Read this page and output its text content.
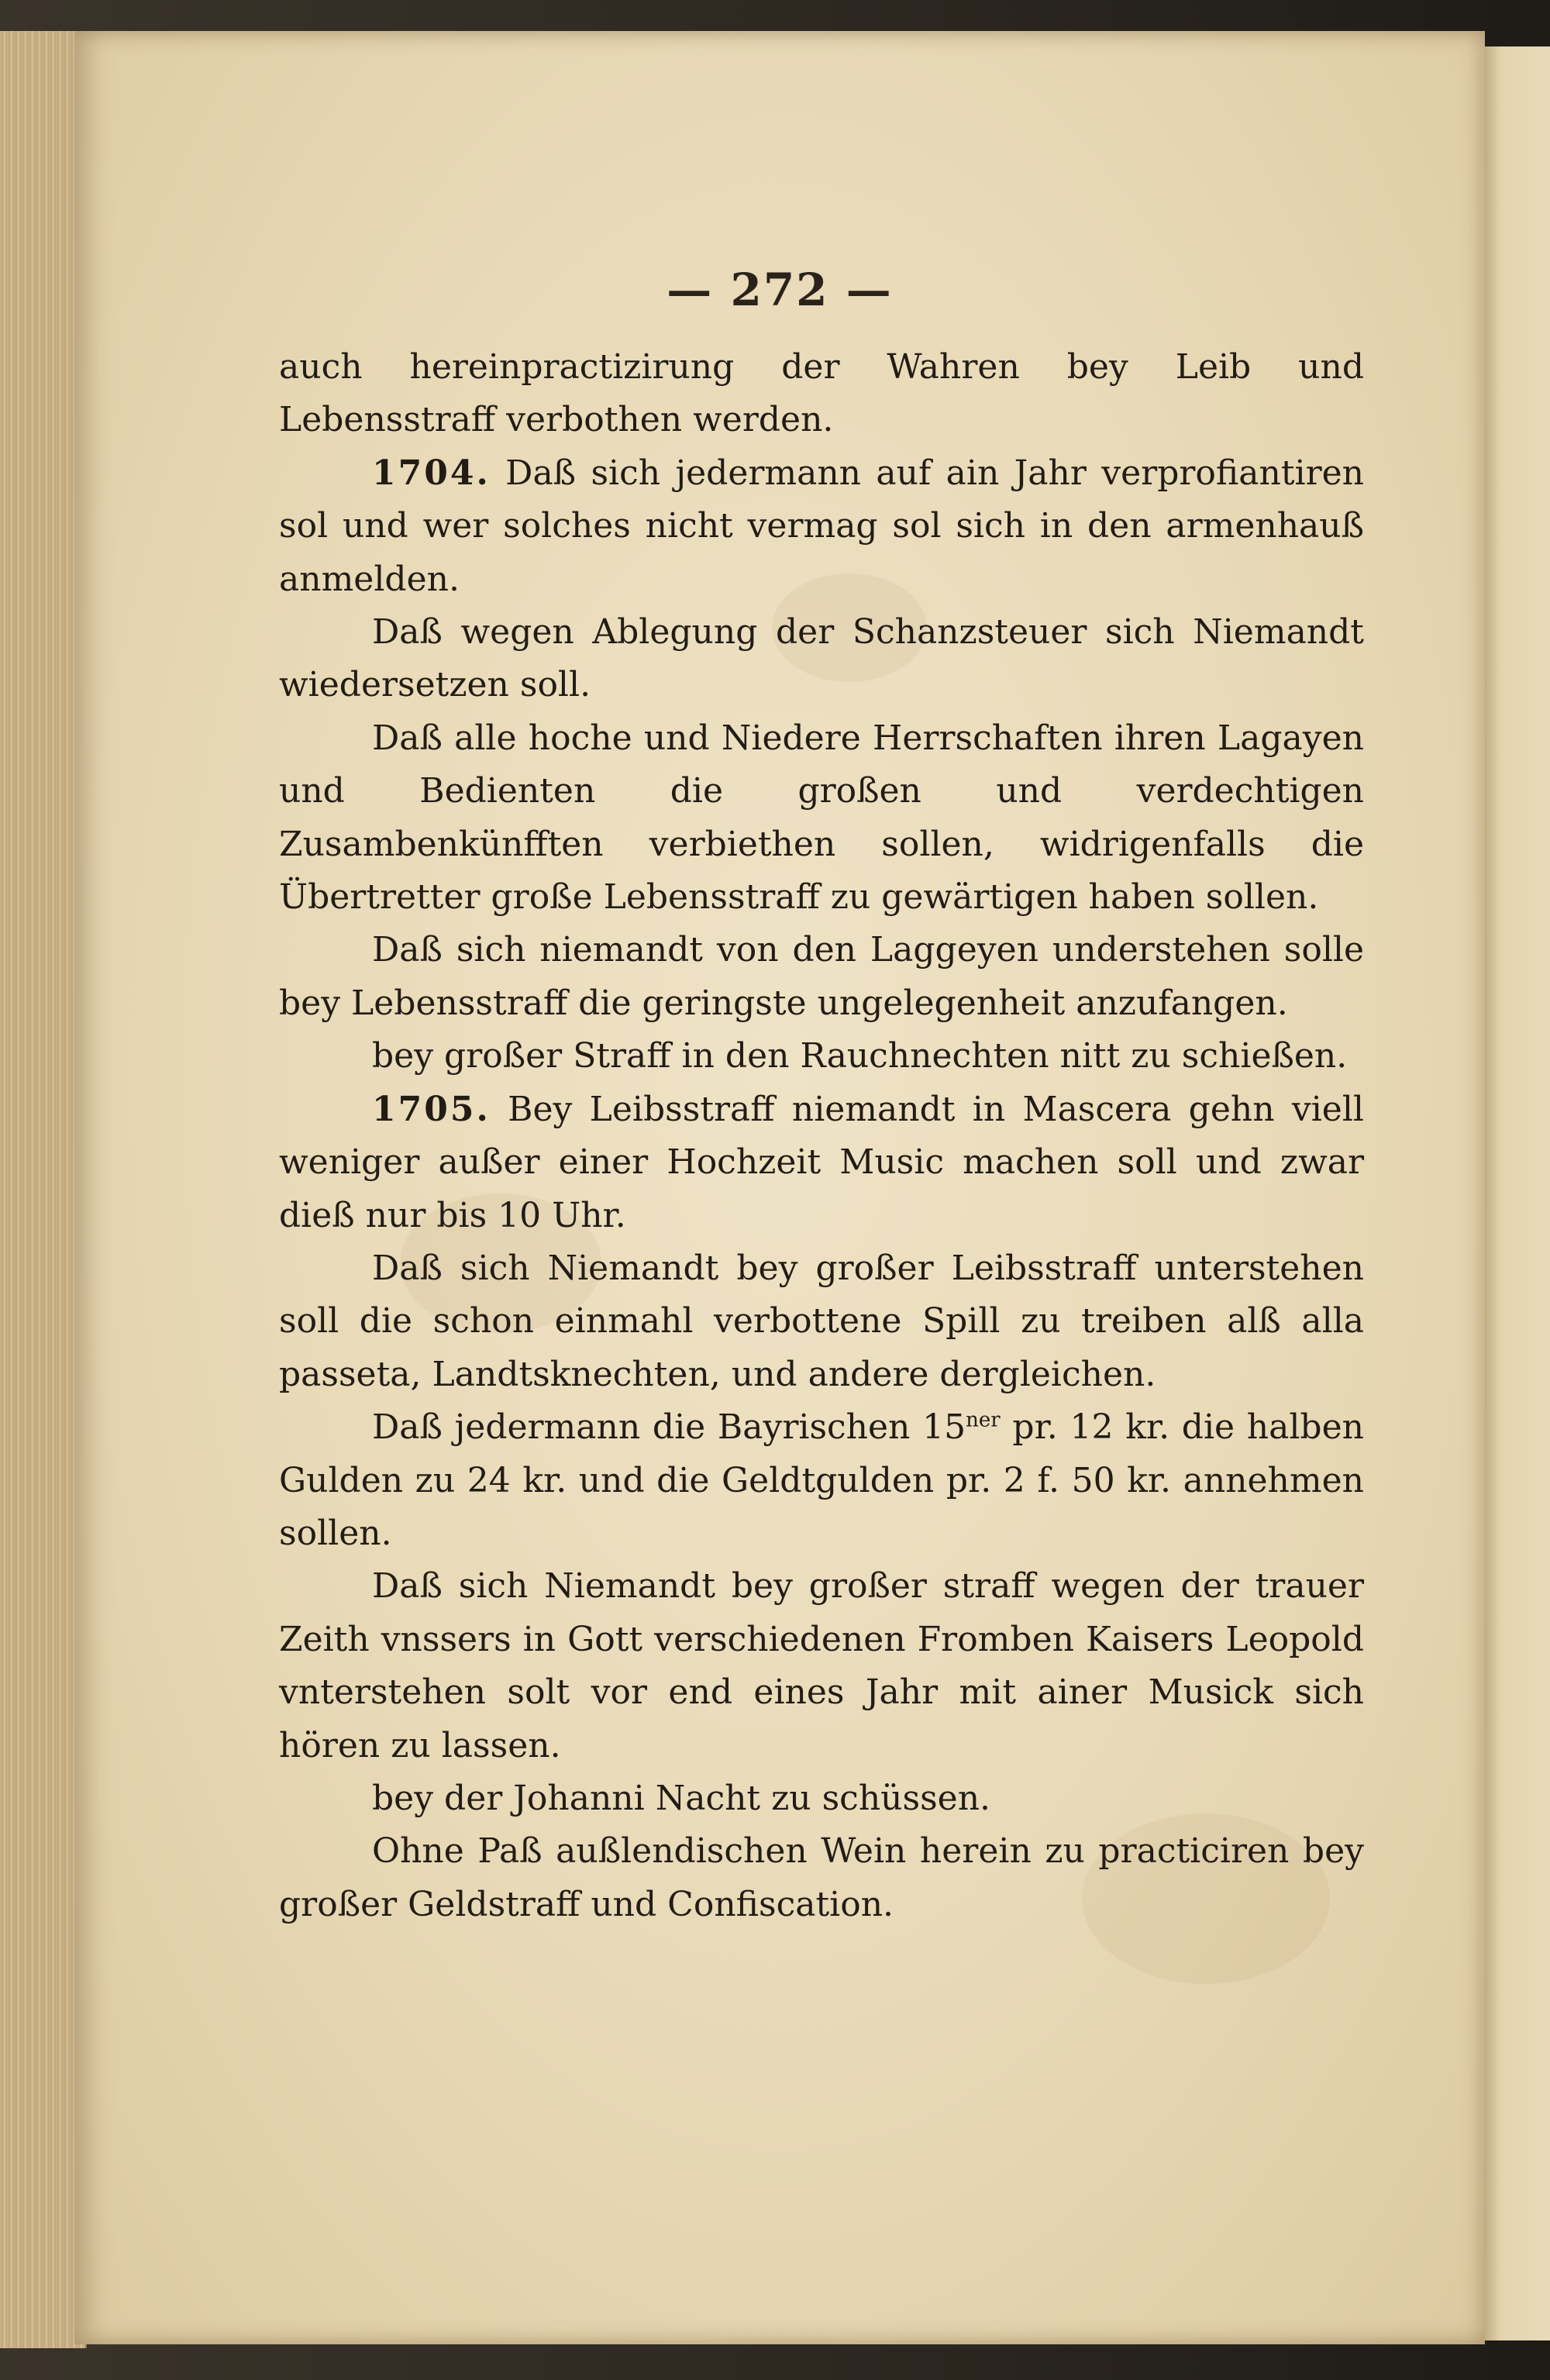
— 272 —

auch hereinpractizirung der Wahren bey Leib und Lebensstraff verbothen werden.

1704. Daß sich jedermann auf ain Jahr verprofiantiren sol und wer solches nicht vermag sol sich in den armenhauß anmelden.

Daß wegen Ablegung der Schanzsteuer sich Niemandt wiedersetzen soll.

Daß alle hoche und Niedere Herrschaften ihren Lagayen und Bedienten die großen und verdechtigen Zusambenkünfften verbiethen sollen, widrigenfalls die Übertretter große Lebensstraff zu gewärtigen haben sollen.

Daß sich niemandt von den Laggeyen understehen solle bey Lebensstraff die geringste ungelegenheit anzufangen.

bey großer Straff in den Rauchnechten nitt zu schießen.

1705. Bey Leibsstraff niemandt in Mascera gehn viell weniger außer einer Hochzeit Music machen soll und zwar dieß nur bis 10 Uhr.

Daß sich Niemandt bey großer Leibsstraff unterstehen soll die schon einmahl verbottene Spill zu treiben alß alla passeta, Landtsknechten, und andere dergleichen.

Daß jedermann die Bayrischen $15^{ner}$ pr. 12 kr. die halben Gulden zu 24 kr. und die Geldtgulden pr. 2 f. 50 kr. annehmen sollen.

Daß sich Niemandt bey großer straff wegen der trauer Zeith vnssers in Gott verschiedenen Fromben Kaisers Leopold vnterstehen solt vor end eines Jahr mit ainer Musick sich hören zu lassen.

bey der Johanni Nacht zu schüssen.

Ohne Paß außlendischen Wein herein zu practiciren bey großer Geldstraff und Confiscation.
